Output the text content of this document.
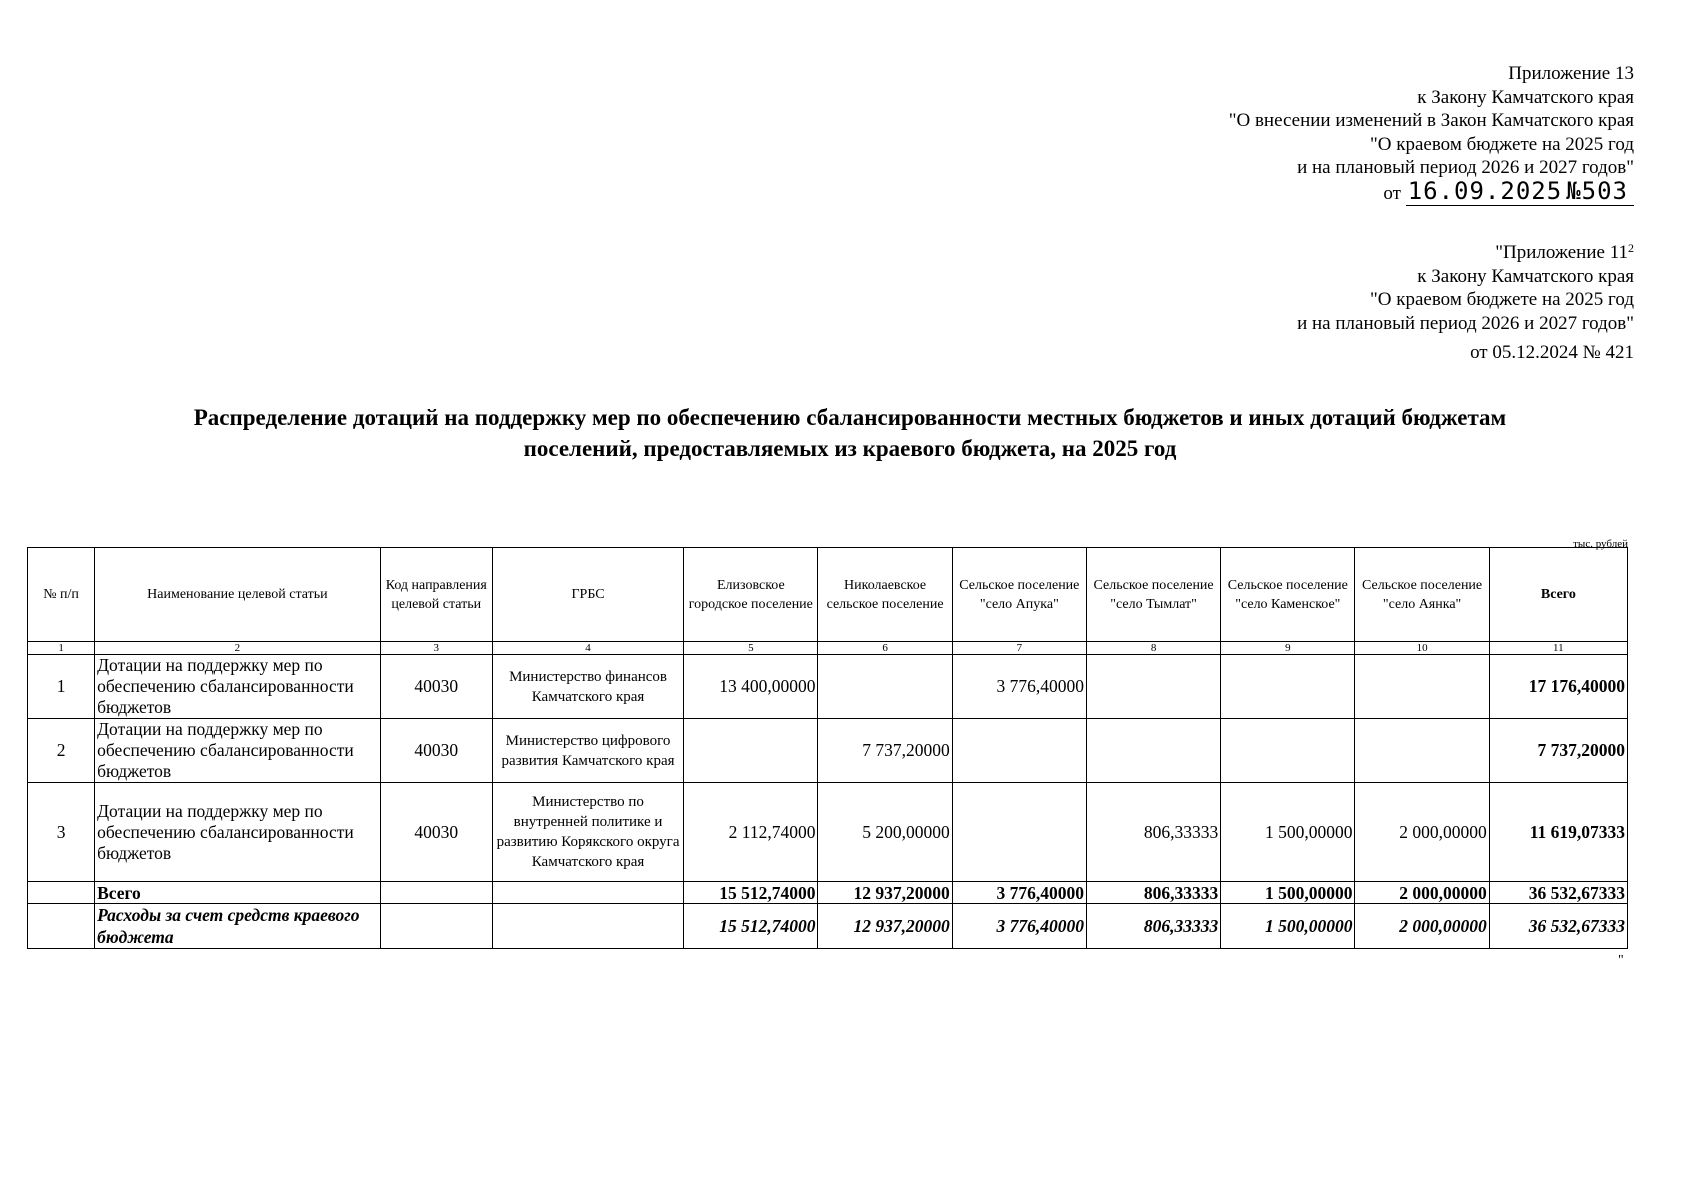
Приложение 13
к Закону Камчатского края
"О внесении изменений в Закон Камчатского края
"О краевом бюджете на 2025 год
и на плановый период 2026 и 2027 годов"
от 16.09.2025 №503
"Приложение $11^2$
к Закону Камчатского края
"О краевом бюджете на 2025 год
и на плановый период 2026 и 2027 годов"
от 05.12.2024 № 421
Распределение дотаций на поддержку мер по обеспечению сбалансированности местных бюджетов и иных дотаций бюджетам
поселений, предоставляемых из краевого бюджета, на 2025 год
тыс. рублей
№ п/п	Наименование целевой статьи	Код направления целевой статьи	ГРБС	Елизовское городское поселение	Николаевское сельское поселение	Сельское поселение "село Апука"	Сельское поселение "село Тымлат"	Сельское поселение "село Каменское"	Сельское поселение "село Аянка"	Всего
1	2	3	4	5	6	7	8	9	10	11
1	Дотации на поддержку мер по обеспечению сбалансированности бюджетов	40030	Министерство финансов Камчатского края	13 400,00000		3 776,40000				17 176,40000
2	Дотации на поддержку мер по обеспечению сбалансированности бюджетов	40030	Министерство цифрового развития Камчатского края		7 737,20000					7 737,20000
3	Дотации на поддержку мер по обеспечению сбалансированности бюджетов	40030	Министерство по внутренней политике и развитию Корякского округа Камчатского края	2 112,74000	5 200,00000		806,33333	1 500,00000	2 000,00000	11 619,07333
	Всего			15 512,74000	12 937,20000	3 776,40000	806,33333	1 500,00000	2 000,00000	36 532,67333
	Расходы за счет средств краевого бюджета			15 512,74000	12 937,20000	3 776,40000	806,33333	1 500,00000	2 000,00000	36 532,67333
"
